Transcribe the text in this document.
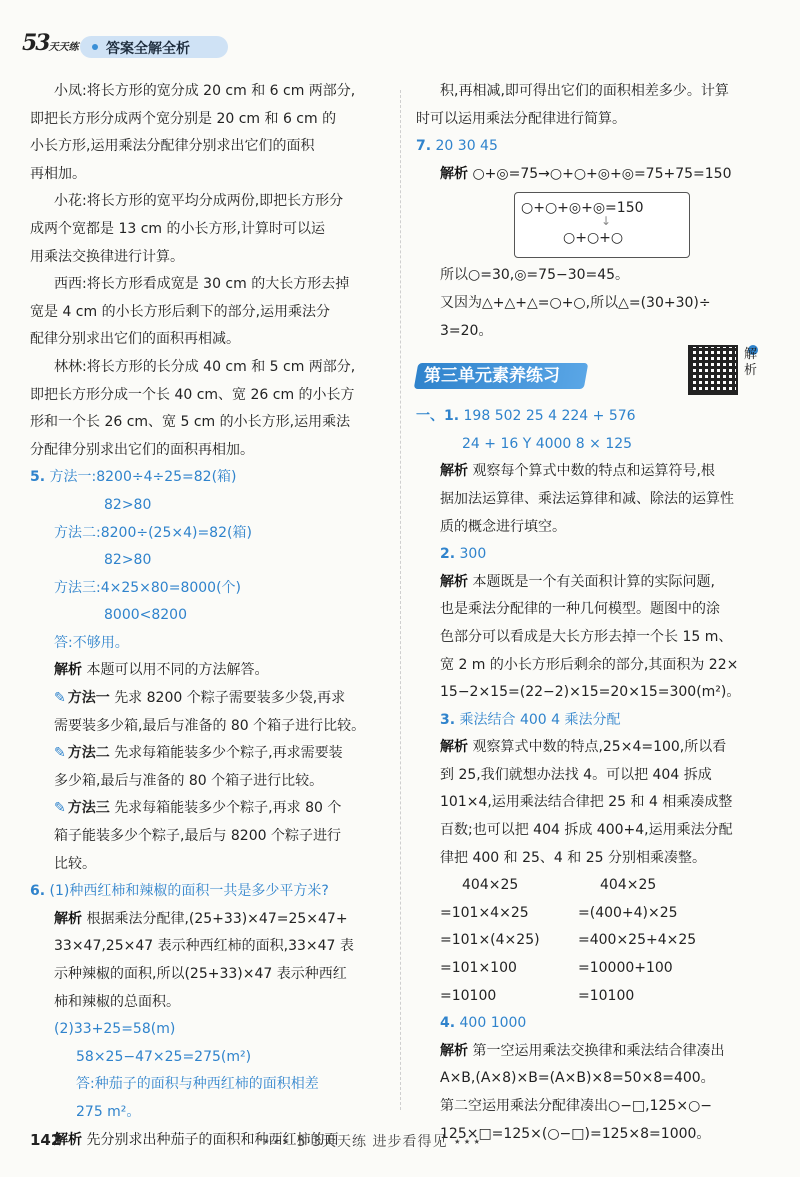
53天天练 答案全解全析

小凤:将长方形的宽分成 20 cm 和 6 cm 两部分,

即把长方形分成两个宽分别是 20 cm 和 6 cm 的

小长方形,运用乘法分配律分别求出它们的面积

再相加。

小花:将长方形的宽平均分成两份,即把长方形分

成两个宽都是 13 cm 的小长方形,计算时可以运

用乘法交换律进行计算。

西西:将长方形看成宽是 30 cm 的大长方形去掉

宽是 4 cm 的小长方形后剩下的部分,运用乘法分

配律分别求出它们的面积再相减。

林林:将长方形的长分成 40 cm 和 5 cm 两部分,

即把长方形分成一个长 40 cm、宽 26 cm 的小长方

形和一个长 26 cm、宽 5 cm 的小长方形,运用乘法

分配律分别求出它们的面积再相加。

5. 方法一:8200÷4÷25=82(箱)

82>80

方法二:8200÷(25×4)=82(箱)

82>80

方法三:4×25×80=8000(个)

8000<8200

答:不够用。

解析 本题可以用不同的方法解答。

✎ 方法一 先求 8200 个粽子需要装多少袋,再求

需要装多少箱,最后与准备的 80 个箱子进行比较。

✎ 方法二 先求每箱能装多少个粽子,再求需要装

多少箱,最后与准备的 80 个箱子进行比较。

✎ 方法三 先求每箱能装多少个粽子,再求 80 个

箱子能装多少个粽子,最后与 8200 个粽子进行

比较。

6. (1)种西红柿和辣椒的面积一共是多少平方米?

解析 根据乘法分配律,(25+33)×47=25×47+

33×47,25×47 表示种西红柿的面积,33×47 表

示种辣椒的面积,所以(25+33)×47 表示种西红

柿和辣椒的总面积。

(2)33+25=58(m)

58×25−47×25=275(m²)

答:种茄子的面积与种西红柿的面积相差

275 m²。

解析 先分别求出种茄子的面积和种西红柿的面

积,再相减,即可得出它们的面积相差多少。计算

时可以运用乘法分配律进行简算。

7. 20 30 45

解析 ○+◎=75→○+○+◎+◎=75+75=150

○+○+◎+◎=150
↓
○+○+○

所以○=30,◎=75−30=45。

又因为△+△+△=○+○,所以△=(30+30)÷

3=20。

第三单元素养练习
解析

一、1. 198 502 25 4 224 + 576

24 + 16 Y 4000 8 × 125

解析 观察每个算式中数的特点和运算符号,根

据加法运算律、乘法运算律和减、除法的运算性

质的概念进行填空。

2. 300

解析 本题既是一个有关面积计算的实际问题,

也是乘法分配律的一种几何模型。题图中的涂

色部分可以看成是大长方形去掉一个长 15 m、

宽 2 m 的小长方形后剩余的部分,其面积为 22×

15−2×15=(22−2)×15=20×15=300(m²)。

3. 乘法结合 400 4 乘法分配

解析 观察算式中数的特点,25×4=100,所以看

到 25,我们就想办法找 4。可以把 404 拆成

101×4,运用乘法结合律把 25 和 4 相乘凑成整

百数;也可以把 404 拆成 400+4,运用乘法分配

律把 400 和 25、4 和 25 分别相乘凑整。

404×25	404×25

=101×4×25	=(400+4)×25

=101×(4×25)	=400×25+4×25

=101×100	=10000+100

=10100	=10100

4. 400 1000

解析 第一空运用乘法交换律和乘法结合律凑出

A×B,(A×8)×B=(A×B)×8=50×8=400。

第二空运用乘法分配律凑出○−□,125×○−

125×□=125×(○−□)=125×8=1000。

142	⋆⋆⋆ 5·3天天练 进步看得见 ⋆⋆⋆
